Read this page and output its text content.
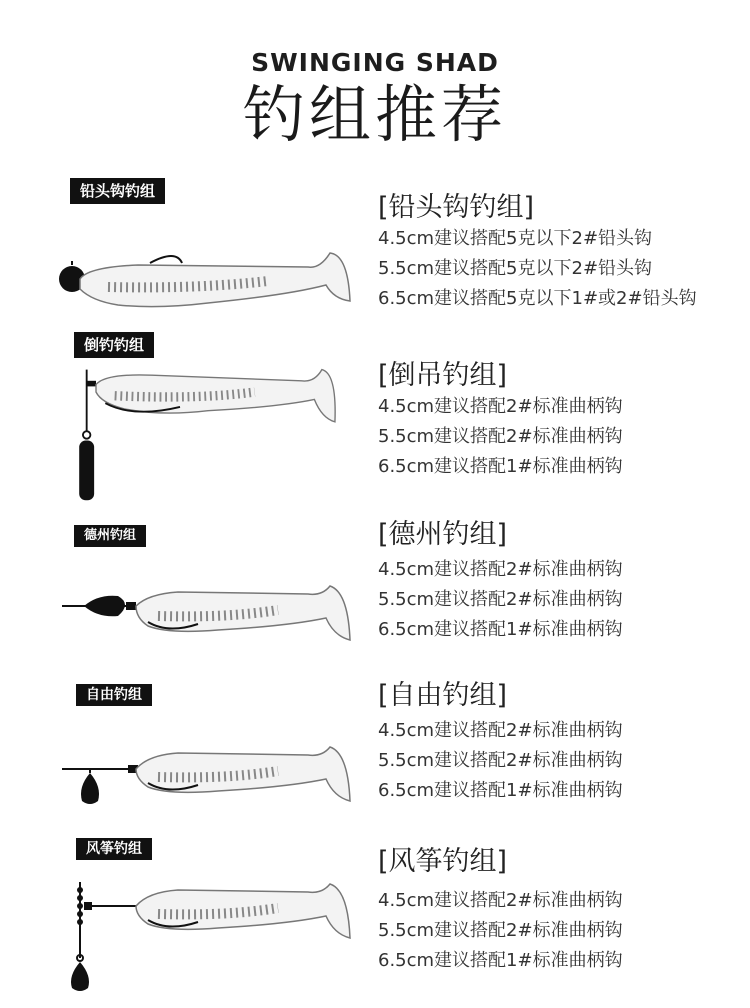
SWINGING SHAD
钓组推荐
铅头钩钓组
[铅头钩钓组]
4.5cm建议搭配5克以下2#铅头钩
5.5cm建议搭配5克以下2#铅头钩
6.5cm建议搭配5克以下1#或2#铅头钩
倒钓钓组
[倒吊钓组]
4.5cm建议搭配2#标准曲柄钩
5.5cm建议搭配2#标准曲柄钩
6.5cm建议搭配1#标准曲柄钩
德州钓组	[德州钓组]
4.5cm建议搭配2#标准曲柄钩
5.5cm建议搭配2#标准曲柄钩
6.5cm建议搭配1#标准曲柄钩
自由钓组	[自由钓组]
4.5cm建议搭配2#标准曲柄钩
5.5cm建议搭配2#标准曲柄钩
6.5cm建议搭配1#标准曲柄钩
风筝钓组	[风筝钓组]
4.5cm建议搭配2#标准曲柄钩
5.5cm建议搭配2#标准曲柄钩
6.5cm建议搭配1#标准曲柄钩
